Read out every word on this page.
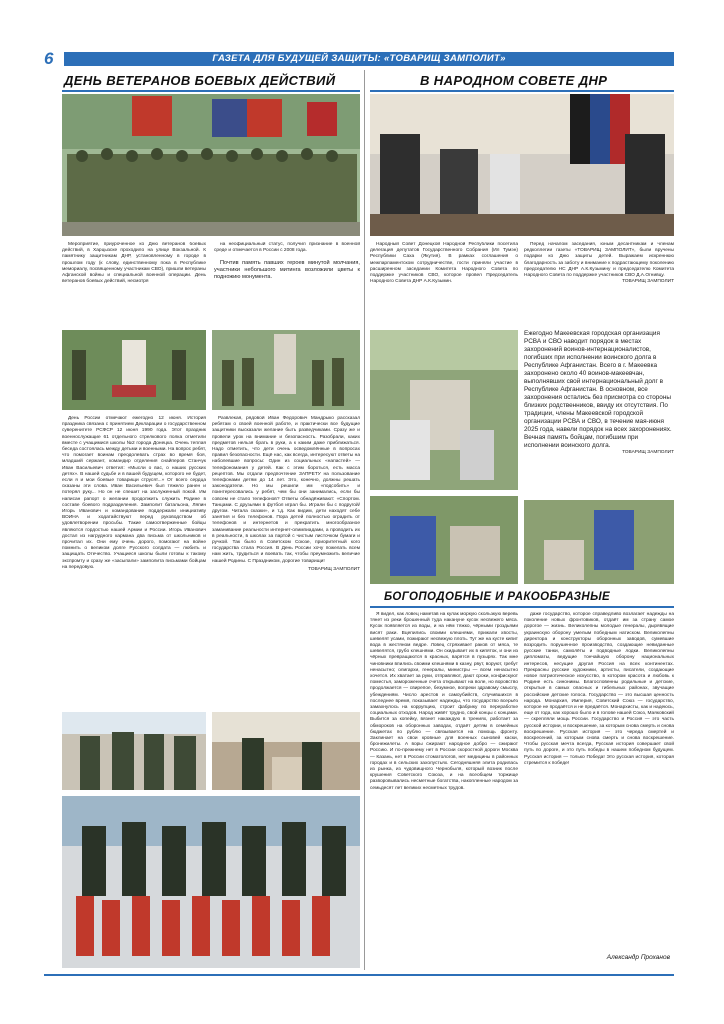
ГАЗЕТА ДЛЯ БУДУЩЕЙ ЗАЩИТЫ: «ТОВАРИЩ ЗАМПОЛИТ»
6
ДЕНЬ ВЕТЕРАНОВ БОЕВЫХ ДЕЙСТВИЙ

Мероприятие, приуроченное ко Дню ветеранов боевых действий, в Харцызске проходило на улице Вокзальной. К памятнику защитникам ДНР, установленному в городе в прошлом году (к слову, единственному пока в Республике мемориалу, посвященному участникам СВО), пришли ветераны Афганской войны и специальной военной операции. День ветеранов боевых действий, несмотря

на неофициальный статус, получил признание в военной среде и отмечается в России с 2008 года.

Почтив память павших героев минутой молчания, участники небольшого митинга возложили цветы к подножию монумента.

День России отмечают ежегодно 12 июня. История праздника связана с принятием Декларации о государственном суверенитете РСФСР 12 июня 1990 года. Этот праздник военнослужащие 61 отдельного стрелкового полка отметили вместе с учащимися школы №2 города Донецка. Очень теплая беседа состоялась между детьми и военными. На вопрос ребят, что помогает воинам преодолевать страх во время боя, младший сержант, командир отделения снайперов Станчук Иван Васильевич ответил: «Мысли о вас, о наших русских детях». В нашей судьбе и в вашей будущем, которого не будет, если я и мои боевые товарищи струсят...» От всего сердца сказаны эти слова. Иван Васильевич был тяжело ранен и потерял руку... Но он не спешит на заслуженный покой. Им написан рапорт о желании продолжить служить Родине в составе боевого подразделения. Замполит батальона, Ляпин Игорь Иванович и командование поддержали инициативу ВОИНА и ходатайствуют перед руководством об удовлетворении просьбы. Такие самоотверженные бойцы являются гордостью нашей Армии и России. Игорь Иванович достал из нагрудного кармана два письма от школьников и прочитал их. Они ему очень дорого, помогают на войне помнить о великом долге Русского солдата — любить и защищать Отечество. Учащиеся школы были готовы к такому экспромту и сразу же «засыпали» замполита письмами бойцам на передовую.

Развлекая, рядовой Иван Федорович Мандрыко рассказал ребятам о своей военной работе, и практически все будущие защитники высказали желание быть разведчиками. Сразу же и провели урок на внимание и безопасность. Разобрали, каких предметов нельзя брать в руки, а к каким даже приближаться. Надо отметить, что дети очень осведомлённые в вопросах правил безопасности. Ещё нас, как всегда, интересуют ответы на наболевшие вопросы: Один из социальных «напастей» — телефономания у детей. Как с этим бороться, есть масса рецептов. Мы отдали предпочтение ЗАПРЕТУ на пользование телефонами детям до 14 лет. Это, конечно, должны решать законодатели. Но мы решили им «подсобить» и поинтересовались у ребят, чем бы они занимались, если бы совсем не стало телефонов? Ответы обнадёживают: «Спортом. Танцами. С друзьями в футбол играл бы. Играли бы с подругой/другом. Читала сказки», и т.д. Как видим, дети находят себе занятия и без телефонов. Пора детей полностью оградить от телефонов и интернетов и прекратить многообразное заманивание реальности интернет-олимпиадами, а проводить их в реальности, в школах за партой с чистым листочком бумаги и ручкой. Так было в Советском Союзе, приоритетный кого государства стала Россия. В День России хочу пожелать всем нам жить, трудиться и воевать так, чтобы преумножить величие нашей Родины. С Праздником, дорогие товарищи!

ТОВАРИЩ ЗАМПОЛИТ
В НАРОДНОМ СОВЕТЕ ДНР

Народный Совет Донецкой Народной Республики посетила делегация депутатов Государственного Собрания (Ил Тумэн) Республики Саха (Якутия). В рамках соглашения о межпарламентском сотрудничестве, гости приняли участие в расширенном заседании Комитета Народного Совета по поддержке участников СВО, которое провел Председатель Народного Совета ДНР А.К.Кузьмин.

Перед началом заседания, юным десантникам и членам редколлегии газеты «ТОВАРИЩ ЗАМПОЛИТ», были вручены подарки ко Дню защиты детей. Выражаем искреннюю благодарность за заботу и внимание к подрастающему поколению председателю НС ДНР А.К.Кузьмину и председателю Комитета Народного Совета по поддержке участников СВО Д.А.Огнивцу.

ТОВАРИЩ ЗАМПОЛИТ

Ежегодно Макеевская городская организация РСВА и СВО наводит порядок в местах захоронений воинов-интернационалистов, погибших при исполнении воинского долга в Республике Афганистан. Всего в г. Макеевка захоронено около 40 воинов-макеевчан, выполнявших свой интернациональный долг в Республике Афганистан. В основном, все захоронения остались без присмотра со стороны близких родственников, ввиду их отсутствия. По традиции, члены Макеевской городской организации РСВА и СВО, в течение мая-июня 2025 года, навели порядок на всех захоронениях. Вечная память бойцам, погибшим при исполнении воинского долга.

ТОВАРИЩ ЗАМПОЛИТ

БОГОПОДОБНЫЕ И РАКООБРАЗНЫЕ

Я видел, как ловец наметав на кулак моркую скользкую веревь тянет из реки брошенный туда накануне кусок несвежего мяса. Кусок появляется из воды, и на нём тяжко, чёрными гроздьями висят раки. Вцепились своими клешнями, прижали хвосты, шевелят усами, пожирают несвежую плоть. Тут же на кусте кипит вода в жестяном ведре. Ловец стряхивает раков от мяса, те шевелятся, грубо клешнями. Он скидывает их в кипяток, и они из чёрных превращаются в красных, варятся в пузырях. Так мне чиновники впились своими клешнями в казну, рвут, воруют, гребут ненасытно; олигархи, генералы, министры — всем ненасытно хочется. Их хватает за руки, отправляют, дают сроки, конфискуют поместья, замороженные счета открывают на воле, но воровство продолжается — свирепое, безумное, вопреки здравому смыслу, убеждениям. Число арестов и самоубийств, случившихся в последнее время, показывает надежды, что государство всерьёз замахнулось на коррупцию, строит фабрику по переработке социальных отходов. Народ живёт трудно, свой концы с концами. Выбится за копейку, вязнет накаждую в трениях, работает за обмороков на оборонных заводах, отдаёт детям в семейных бюджетах по рублю — связывается на помощь фронту. Заклинает на свои кровные для военных сыновей каски, бронежилеты. А воры сжирают народное добро — сжирают Россию. И по-прежнему нет в России скоростной дороги Москва — Казань, нет в России стоматологов, нет медицины в районных городах и в сельских захолустьях. Сегодняшняя элита родилась из рынка, из чудовищного Чернобыля, который возник после крушения Советского Союза, и на всеобщем торжище разворовывались несметные богатства, накопленные народом за семьдесят лет великих несметных трудов.

даже государство, которое справедливо возлагает надежды на поколение новых фронтовиков, отдаёт им за страну самое дорогое — жизнь. Великолепны молодые генералы, дырявящие украинскую оборону умелым победным натиском. Великолепны директора и конструкторы оборонных заводов, сумевшие возродить порушенное производство, создающие невиданные русские танки, самолёты и подводные лодки. Великолепны дипломаты, ведущие тончайшую оборону национальных интересов, несущие другая Россия на всех континентах. Прекрасны русские художники, артисты, писатели, создающие новое патриотическое искусство, в котором красота и любовь к Родине есть синонимы. Благословенны родильные и детские, открытые в самых опасных и гибельных районах, звучащие российские детские голоса. Государство — это высшая ценность народа. Монархия, Империя, Советский Союз — государство, которое не продаётся и не предаётся. Монархисты, как и надеюсь, еще от года, как хорошо было и в голове нашей Союз, Маяковский — скрепляли мощь России. Государство и Россия — это часть русской истории, и воскрешение, за которым снова смерть и снова воскрешение. Русская история — это череда смертей и воскресений, за которым снова смерть и снова воскрешение. Чтобы русская мечта всегда, Русская история совершает свой путь по дороге, и это путь победы в нашем победном будущем. Русская история — только Победа! Это русская история, которая стремится к победе!

Александр Проханов
